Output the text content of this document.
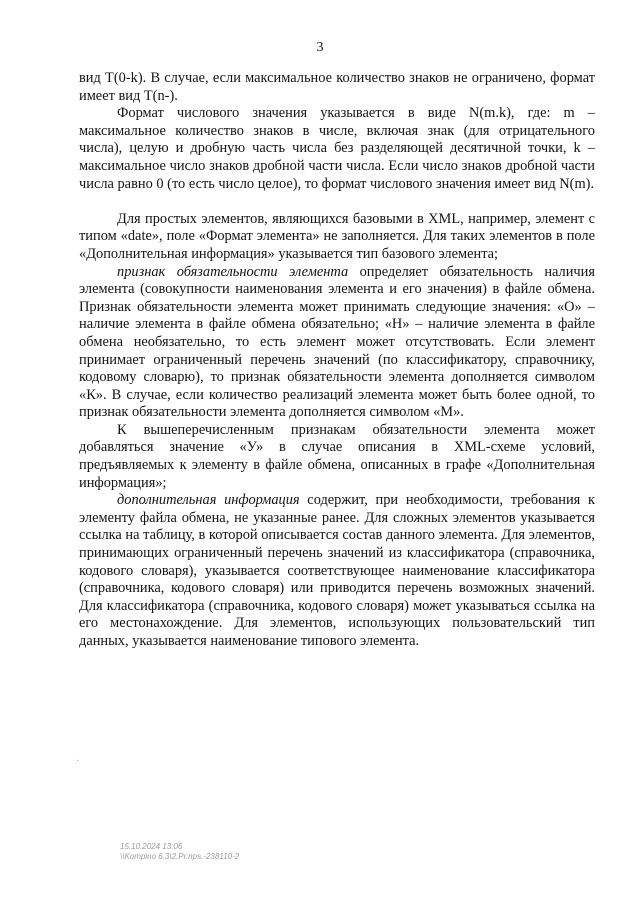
3

вид Т(0-k). В случае, если максимальное количество знаков не ограничено, формат имеет вид Т(n-).

Формат числового значения указывается в виде N(m.k), где: m – максимальное количество знаков в числе, включая знак (для отрицательного числа), целую и дробную часть числа без разделяющей десятичной точки, k – максимальное число знаков дробной части числа. Если число знаков дробной части числа равно 0 (то есть число целое), то формат числового значения имеет вид N(m).

Для простых элементов, являющихся базовыми в XML, например, элемент с типом «date», поле «Формат элемента» не заполняется. Для таких элементов в поле «Дополнительная информация» указывается тип базового элемента;

признак обязательности элемента определяет обязательность наличия элемента (совокупности наименования элемента и его значения) в файле обмена. Признак обязательности элемента может принимать следующие значения: «О» – наличие элемента в файле обмена обязательно; «Н» – наличие элемента в файле обмена необязательно, то есть элемент может отсутствовать. Если элемент принимает ограниченный перечень значений (по классификатору, справочнику, кодовому словарю), то признак обязательности элемента дополняется символом «К». В случае, если количество реализаций элемента может быть более одной, то признак обязательности элемента дополняется символом «М».

К вышеперечисленным признакам обязательности элемента может добавляться значение «У» в случае описания в XML-схеме условий, предъявляемых к элементу в файле обмена, описанных в графе «Дополнительная информация»;

дополнительная информация содержит, при необходимости, требования к элементу файла обмена, не указанные ранее. Для сложных элементов указывается ссылка на таблицу, в которой описывается состав данного элемента. Для элементов, принимающих ограниченный перечень значений из классификатора (справочника, кодового словаря), указывается соответствующее наименование классификатора (справочника, кодового словаря) или приводится перечень возможных значений. Для классификатора (справочника, кодового словаря) может указываться ссылка на его местонахождение. Для элементов, использующих пользовательский тип данных, указывается наименование типового элемента.

·
15.10.2024 13:06
\\Kompino 6.3\2.Pr.nps.-238110-2
